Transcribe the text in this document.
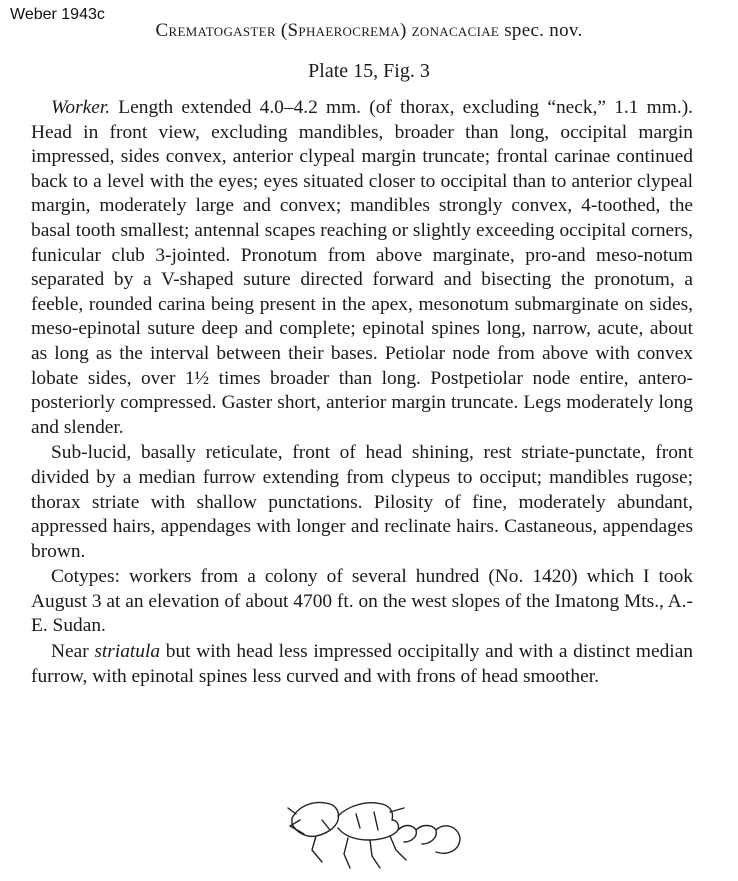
Weber 1943c
Crematogaster (Sphaerocrema) zonacaciae spec. nov.
Plate 15, Fig. 3

Worker. Length extended 4.0–4.2 mm. (of thorax, excluding “neck,” 1.1 mm.). Head in front view, excluding mandibles, broader than long, occipital margin impressed, sides convex, anterior clypeal margin truncate; frontal carinae continued back to a level with the eyes; eyes situated closer to occipital than to anterior clypeal margin, moderately large and convex; mandibles strongly convex, 4-toothed, the basal tooth smallest; antennal scapes reaching or slightly exceeding occipital corners, funicular club 3-jointed. Pronotum from above marginate, pro-and meso-notum separated by a V-shaped suture directed forward and bisecting the pronotum, a feeble, rounded carina being present in the apex, mesonotum submarginate on sides, meso-epinotal suture deep and complete; epinotal spines long, narrow, acute, about as long as the interval between their bases. Petiolar node from above with convex lobate sides, over 1½ times broader than long. Postpetiolar node entire, antero-posteriorly compressed. Gaster short, anterior margin truncate. Legs moderately long and slender.

Sub-lucid, basally reticulate, front of head shining, rest striate-punctate, front divided by a median furrow extending from clypeus to occiput; mandibles rugose; thorax striate with shallow punctations. Pilosity of fine, moderately abundant, appressed hairs, appendages with longer and reclinate hairs. Castaneous, appendages brown.

Cotypes: workers from a colony of several hundred (No. 1420) which I took August 3 at an elevation of about 4700 ft. on the west slopes of the Imatong Mts., A.-E. Sudan.

Near striatula but with head less impressed occipitally and with a distinct median furrow, with epinotal spines less curved and with frons of head smoother.
